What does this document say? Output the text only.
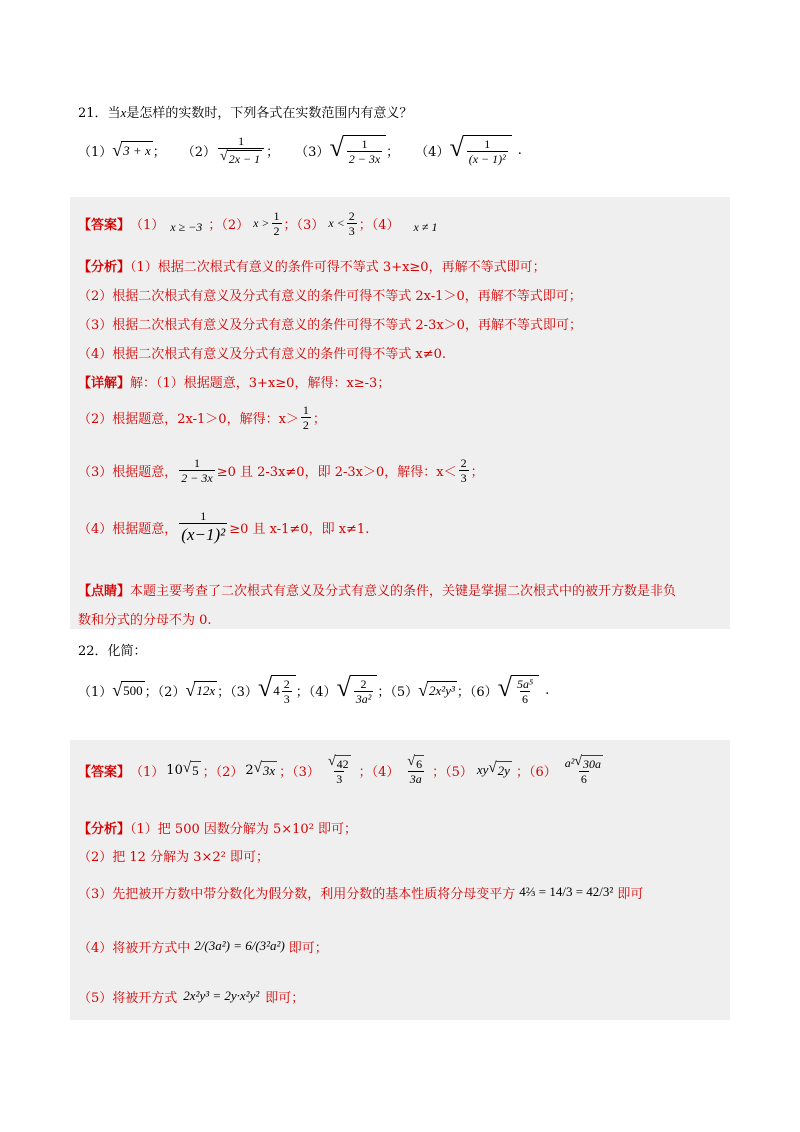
21．当x是怎样的实数时，下列各式在实数范围内有意义？
（1） √ 3 + x ； $(2) \frac{1}{√ 2x - 1}$ ； （3） √ $\frac{1}{2 - 3x}$ ； （4） √ $\frac{1}{\text{(x − 1)²}}$ .
【答案】 （1） x ≥ −3 ；（2） $x > \frac{1}{2}$ ；（3） $x < \frac{2}{3}$ ；（4） x ≠ 1
【分析】（1）根据二次根式有意义的条件可得不等式 3+x≥0，再解不等式即可；
（2）根据二次根式有意义及分式有意义的条件可得不等式 2x-1＞0，再解不等式即可；
（3）根据二次根式有意义及分式有意义的条件可得不等式 2-3x＞0，再解不等式即可；
（4）根据二次根式有意义及分式有意义的条件可得不等式 x≠0.
【详解】解：（1）根据题意，3+x≥0，解得：x≥-3；
（2）根据题意，2x-1＞0，解得：$x> \frac{1}{2}$ ；
（3）根据题意， $\frac{1}{2 - 3x} \ge 0$ 且 2-3x≠0，即 2-3x＞0，解得：$x< \frac{2}{3}$ ；
（4）根据题意， $\frac{1}{\text{(x−1)²}} \ge 0$ 且 x-1≠0，即 x≠1.
【点睛】本题主要考查了二次根式有意义及分式有意义的条件，关键是掌握二次根式中的被开方数是非负
数和分式的分母不为 0.
22．化简：
（1） √ 500 ；（2） √ 12x ；（3） √ $4 \frac{2}{3}$ ；（4） √ $\frac{2}{\text{3a²}}$ ；（5） √ 2x²y³ ；（6） √ $\frac{\text{5a⁵}}{6}$ .
【答案】 （1） 10 √ 5 ；（2） 2 √ 3x ；$(3) \frac{√ 42}{3}$ ；$(4) \frac{√ 6}{3a}$ ；（5） xy √ 2y ；$(6) \frac{\text{a² √ 30a}}{6}$
【分析】（1）把 500 因数分解为 5×10² 即可；
（2）把 12 分解为 3×2² 即可；
（3）先把被开方数中带分数化为假分数，利用分数的基本性质将分母变平方 4⅔ = 14/3 = 42/3² 即可
（4）将被开方式中 2/(3a²) = 6/(3²a²) 即可；
（5）将被开方式 2x²y³ = 2y·x²y² 即可；
